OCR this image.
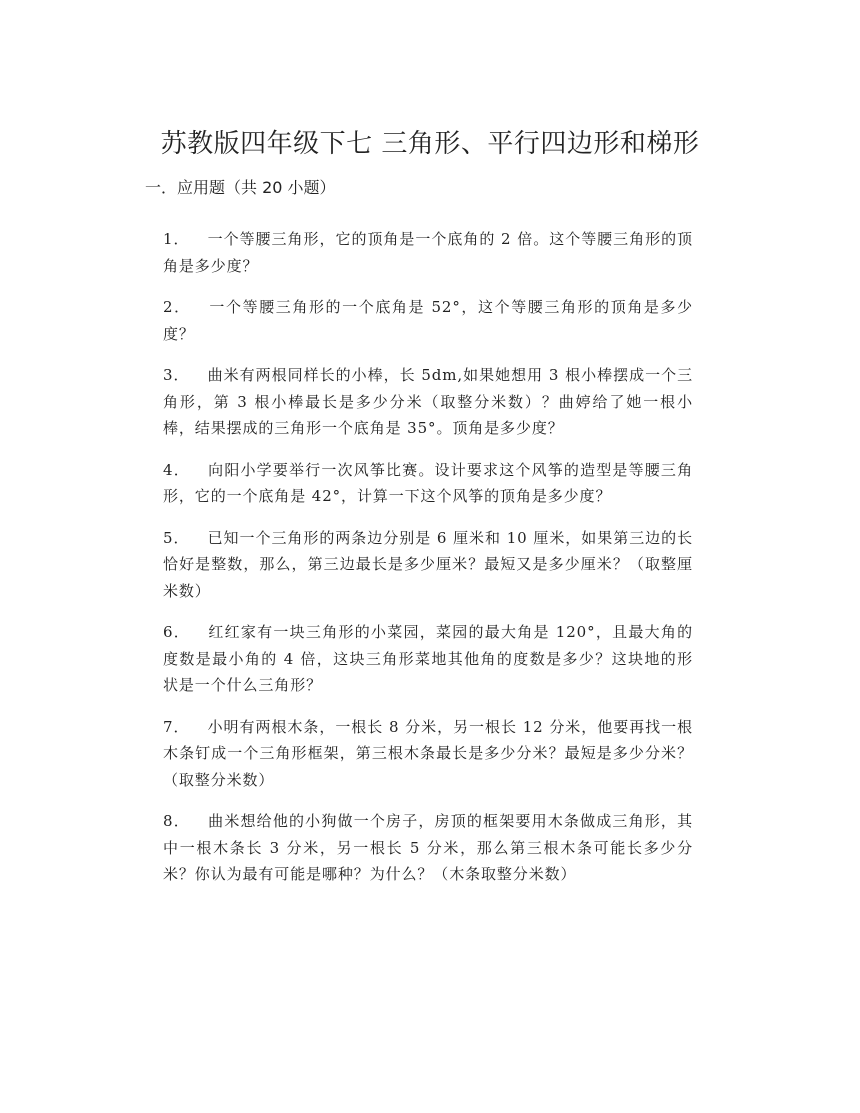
苏教版四年级下七 三角形、平行四边形和梯形
一．应用题（共 20 小题）

1． 一个等腰三角形，它的顶角是一个底角的 2 倍。这个等腰三角形的顶角是多少度？

2． 一个等腰三角形的一个底角是 52°，这个等腰三角形的顶角是多少度？

3． 曲米有两根同样长的小棒，长 5dm,如果她想用 3 根小棒摆成一个三角形，第 3 根小棒最长是多少分米（取整分米数）？曲婷给了她一根小棒，结果摆成的三角形一个底角是 35°。顶角是多少度？

4． 向阳小学要举行一次风筝比赛。设计要求这个风筝的造型是等腰三角形，它的一个底角是 42°，计算一下这个风筝的顶角是多少度？

5． 已知一个三角形的两条边分别是 6 厘米和 10 厘米，如果第三边的长恰好是整数，那么，第三边最长是多少厘米？最短又是多少厘米？（取整厘米数）

6． 红红家有一块三角形的小菜园，菜园的最大角是 120°，且最大角的度数是最小角的 4 倍，这块三角形菜地其他角的度数是多少？这块地的形状是一个什么三角形？

7． 小明有两根木条，一根长 8 分米，另一根长 12 分米，他要再找一根木条钉成一个三角形框架，第三根木条最长是多少分米？最短是多少分米？（取整分米数）

8． 曲米想给他的小狗做一个房子，房顶的框架要用木条做成三角形，其中一根木条长 3 分米，另一根长 5 分米，那么第三根木条可能长多少分米？你认为最有可能是哪种？为什么？（木条取整分米数）
